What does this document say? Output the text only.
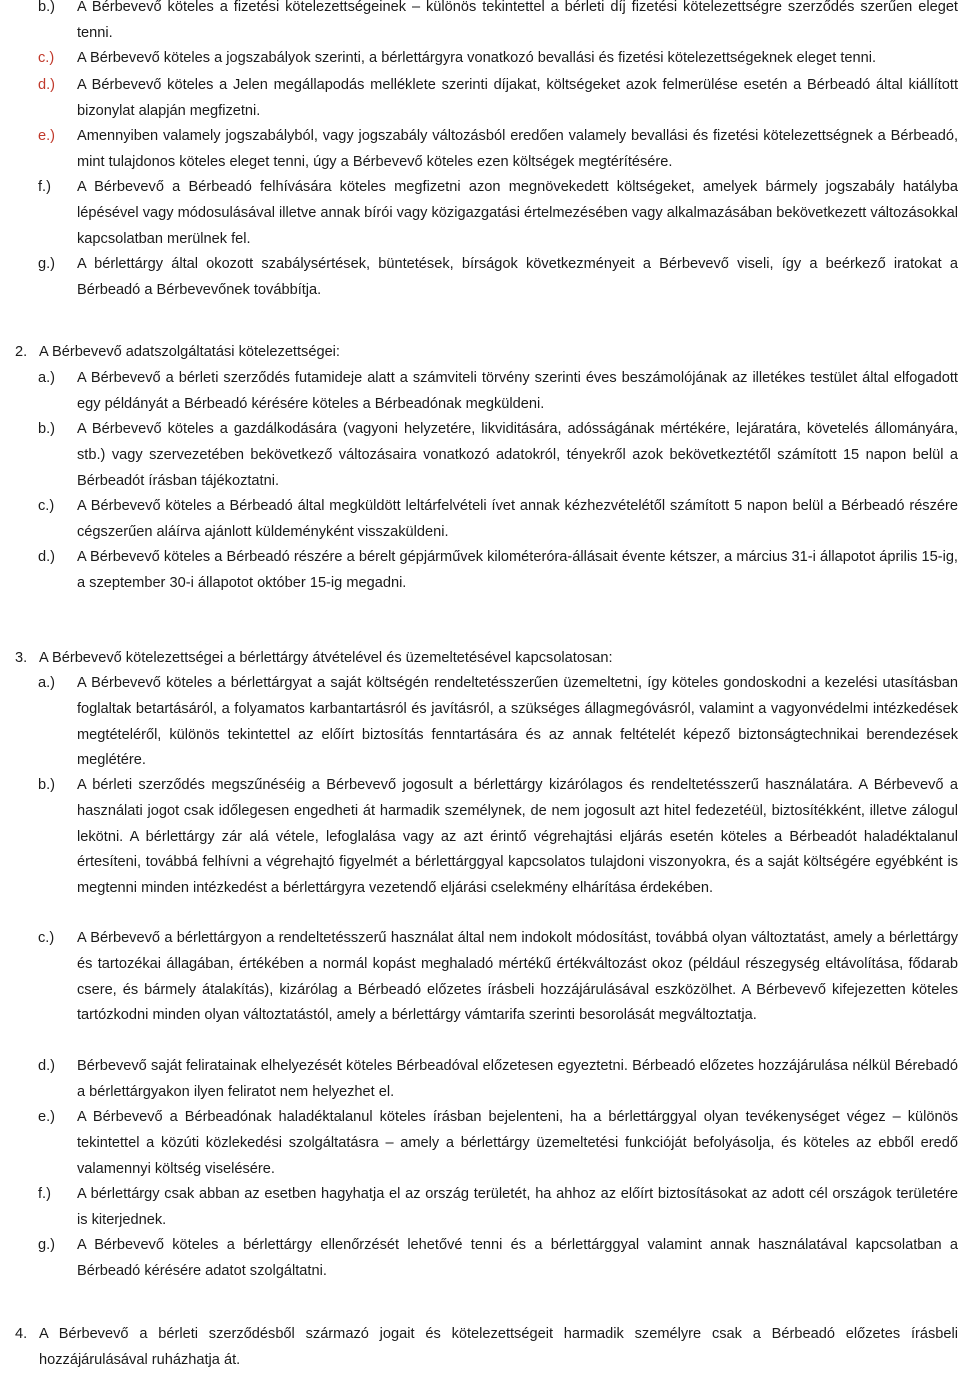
b.) A Bérbevevő köteles a fizetési kötelezettségeinek – különös tekintettel a bérleti díj fizetési kötelezettségre szerződés szerűen eleget tenni.
c.) A Bérbevevő köteles a jogszabályok szerinti, a bérlettárgyra vonatkozó bevallási és fizetési kötelezettségeknek eleget tenni.
d.) A Bérbevevő köteles a Jelen megállapodás melléklete szerinti díjakat, költségeket azok felmerülése esetén a Bérbeadó által kiállított bizonylat alapján megfizetni.
e.) Amennyiben valamely jogszabályból, vagy jogszabály változásból eredően valamely bevallási és fizetési kötelezettségnek a Bérbeadó, mint tulajdonos köteles eleget tenni, úgy a Bérbevevő köteles ezen költségek megtérítésére.
f.) A Bérbevevő a Bérbeadó felhívására köteles megfizetni azon megnövekedett költségeket, amelyek bármely jogszabály hatályba lépésével vagy módosulásával illetve annak bírói vagy közigazgatási értelmezésében vagy alkalmazásában bekövetkezett változásokkal kapcsolatban merülnek fel.
g.) A bérlettárgy által okozott szabálysértések, büntetések, bírságok következményeit a Bérbevevő viseli, így a beérkező iratokat a Bérbeadó a Bérbevevőnek továbbítja.
2. A Bérbevevő adatszolgáltatási kötelezettségei:
a.) A Bérbevevő a bérleti szerződés futamideje alatt a számviteli törvény szerinti éves beszámolójának az illetékes testület által elfogadott egy példányát a Bérbeadó kérésére köteles a Bérbeadónak megküldeni.
b.) A Bérbevevő köteles a gazdálkodására (vagyoni helyzetére, likviditására, adósságának mértékére, lejáratára, követelés állományára, stb.) vagy szervezetében bekövetkező változásaira vonatkozó adatokról, tényekről azok bekövetkeztétől számított 15 napon belül a Bérbeadót írásban tájékoztatni.
c.) A Bérbevevő köteles a Bérbeadó által megküldött leltárfelvételi ívet annak kézhezvételétől számított 5 napon belül a Bérbeadó részére cégszerűen aláírva ajánlott küldeményként visszaküldeni.
d.) A Bérbevevő köteles a Bérbeadó részére a bérelt gépjárművek kilométeróra-állásait évente kétszer, a március 31-i állapotot április 15-ig, a szeptember 30-i állapotot október 15-ig megadni.
3. A Bérbevevő kötelezettségei a bérlettárgy átvételével és üzemeltetésével kapcsolatosan:
a.) A Bérbevevő köteles a bérlettárgyat a saját költségén rendeltetésszerűen üzemeltetni, így köteles gondoskodni a kezelési utasításban foglaltak betartásáról, a folyamatos karbantartásról és javításról, a szükséges állagmegóvásról, valamint a vagyonvédelmi intézkedések megtételéről, különös tekintettel az előírt biztosítás fenntartására és az annak feltételét képező biztonságtechnikai berendezések meglétére.
b.) A bérleti szerződés megszűnéséig a Bérbevevő jogosult a bérlettárgy kizárólagos és rendeltetésszerű használatára. A Bérbevevő a használati jogot csak időlegesen engedheti át harmadik személynek, de nem jogosult azt hitel fedezetéül, biztosítékként, illetve zálogul lekötni. A bérlettárgy zár alá vétele, lefoglalása vagy az azt érintő végrehajtási eljárás esetén köteles a Bérbeadót haladéktalanul értesíteni, továbbá felhívni a végrehajtó figyelmét a bérlettárggyal kapcsolatos tulajdoni viszonyokra, és a saját költségére egyébként is megtenni minden intézkedést a bérlettárgyra vezetendő eljárási cselekmény elhárítása érdekében.
c.) A Bérbevevő a bérlettárgyon a rendeltetésszerű használat által nem indokolt módosítást, továbbá olyan változtatást, amely a bérlettárgy és tartozékai állagában, értékében a normál kopást meghaladó mértékű értékváltozást okoz (például részegység eltávolítása, fődarab csere, és bármely átalakítás), kizárólag a Bérbeadó előzetes írásbeli hozzájárulásával eszközölhet. A Bérbevevő kifejezetten köteles tartózkodni minden olyan változtatástól, amely a bérlettárgy vámtarifa szerinti besorolását megváltoztatja.
d.) Bérbevevő saját feliratainak elhelyezését köteles Bérbeadóval előzetesen egyeztetni. Bérbeadó előzetes hozzájárulása nélkül Bérebadó a bérlettárgyakon ilyen feliratot nem helyezhet el.
e.) A Bérbevevő a Bérbeadónak haladéktalanul köteles írásban bejelenteni, ha a bérlettárggyal olyan tevékenységet végez – különös tekintettel a közúti közlekedési szolgáltatásra – amely a bérlettárgy üzemeltetési funkcióját befolyásolja, és köteles az ebből eredő valamennyi költség viselésére.
f.) A bérlettárgy csak abban az esetben hagyhatja el az ország területét, ha ahhoz az előírt biztosításokat az adott cél országok területére is kiterjednek.
g.) A Bérbevevő köteles a bérlettárgy ellenőrzését lehetővé tenni és a bérlettárggyal valamint annak használatával kapcsolatban a Bérbeadó kérésére adatot szolgáltatni.
4. A Bérbevevő a bérleti szerződésből származó jogait és kötelezettségeit harmadik személyre csak a Bérbeadó előzetes írásbeli hozzájárulásával ruházhatja át.
